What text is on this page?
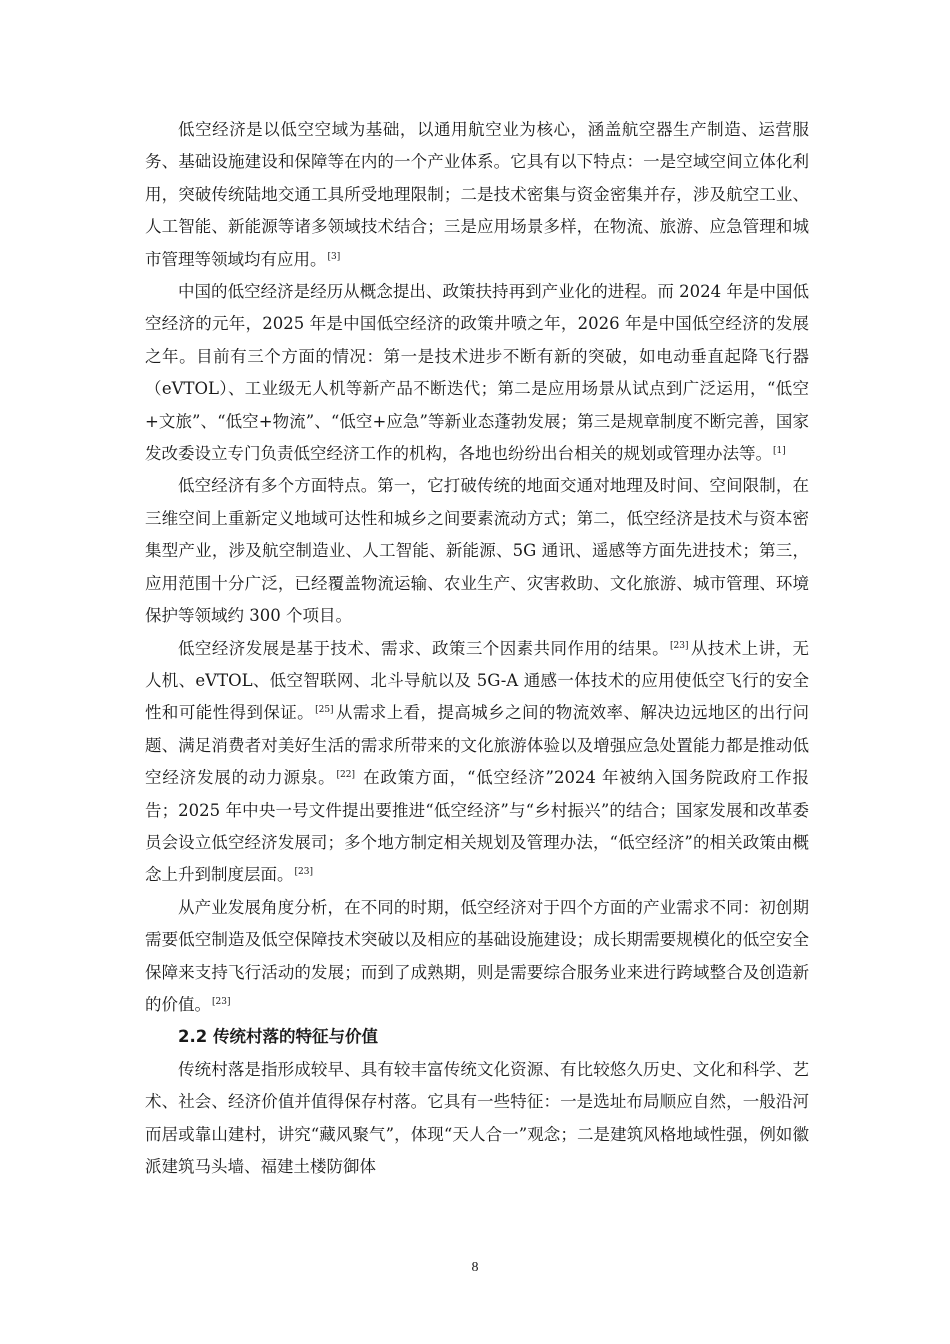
低空经济是以低空空域为基础，以通用航空业为核心，涵盖航空器生产制造、运营服务、基础设施建设和保障等在内的一个产业体系。它具有以下特点：一是空域空间立体化利用，突破传统陆地交通工具所受地理限制；二是技术密集与资金密集并存，涉及航空工业、人工智能、新能源等诸多领域技术结合；三是应用场景多样，在物流、旅游、应急管理和城市管理等领域均有应用。[3]

中国的低空经济是经历从概念提出、政策扶持再到产业化的进程。而 2024 年是中国低空经济的元年，2025 年是中国低空经济的政策井喷之年，2026 年是中国低空经济的发展之年。目前有三个方面的情况：第一是技术进步不断有新的突破，如电动垂直起降飞行器（eVTOL）、工业级无人机等新产品不断迭代；第二是应用场景从试点到广泛运用，“低空+文旅”、“低空+物流”、“低空+应急”等新业态蓬勃发展；第三是规章制度不断完善，国家发改委设立专门负责低空经济工作的机构，各地也纷纷出台相关的规划或管理办法等。[1]

低空经济有多个方面特点。第一，它打破传统的地面交通对地理及时间、空间限制，在三维空间上重新定义地域可达性和城乡之间要素流动方式；第二，低空经济是技术与资本密集型产业，涉及航空制造业、人工智能、新能源、5G 通讯、遥感等方面先进技术；第三，应用范围十分广泛，已经覆盖物流运输、农业生产、灾害救助、文化旅游、城市管理、环境保护等领域约 300 个项目。

低空经济发展是基于技术、需求、政策三个因素共同作用的结果。[23] 从技术上讲，无人机、eVTOL、低空智联网、北斗导航以及 5G-A 通感一体技术的应用使低空飞行的安全性和可能性得到保证。[25] 从需求上看，提高城乡之间的物流效率、解决边远地区的出行问题、满足消费者对美好生活的需求所带来的文化旅游体验以及增强应急处置能力都是推动低空经济发展的动力源泉。[22] 在政策方面，“低空经济”2024 年被纳入国务院政府工作报告；2025 年中央一号文件提出要推进“低空经济”与“乡村振兴”的结合；国家发展和改革委员会设立低空经济发展司；多个地方制定相关规划及管理办法，“低空经济”的相关政策由概念上升到制度层面。[23]

从产业发展角度分析，在不同的时期，低空经济对于四个方面的产业需求不同：初创期需要低空制造及低空保障技术突破以及相应的基础设施建设；成长期需要规模化的低空安全保障来支持飞行活动的发展；而到了成熟期，则是需要综合服务业来进行跨域整合及创造新的价值。[23]

2.2 传统村落的特征与价值

传统村落是指形成较早、具有较丰富传统文化资源、有比较悠久历史、文化和科学、艺术、社会、经济价值并值得保存村落。它具有一些特征：一是选址布局顺应自然，一般沿河而居或靠山建村，讲究“藏风聚气”，体现“天人合一”观念；二是建筑风格地域性强，例如徽派建筑马头墙、福建土楼防御体

8
